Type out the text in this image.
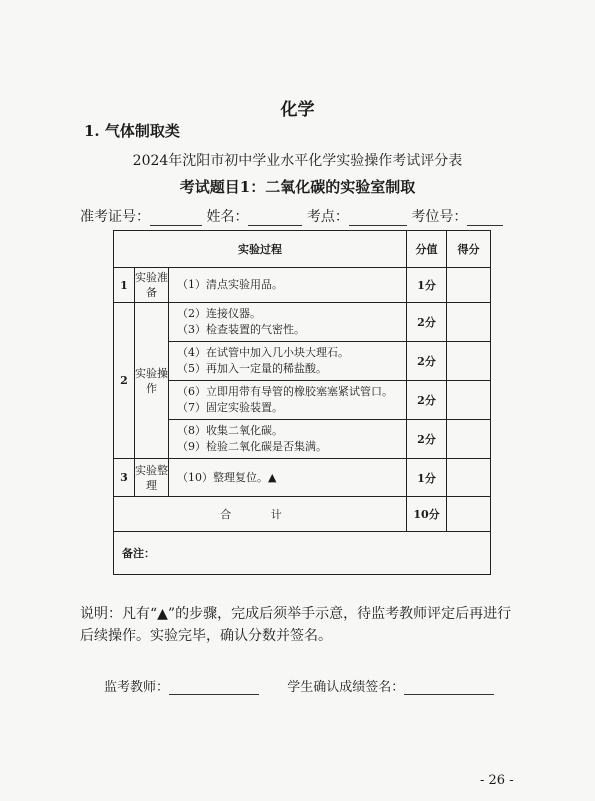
化学
1. 气体制取类
2024年沈阳市初中学业水平化学实验操作考试评分表
考试题目1：二氧化碳的实验室制取
准考证号：	姓名：	考点：	考位号：
实验过程			分值	得分
1	实验准备	（1）清点实验用品。	1分	
2	实验操作	（2）连接仪器。
（3）检查装置的气密性。	2分	

		（4）在试管中加入几小块大理石。
（5）再加入一定量的稀盐酸。	2分	

		（6）立即用带有导管的橡胶塞塞紧试管口。
（7）固定实验装置。	2分	

		（8）收集二氧化碳。
（9）检验二氧化碳是否集满。	2分	
3	实验整理	（10）整理复位。▲	1分	
合 计			10分	
备注：				
说明：凡有“▲”的步骤，完成后须举手示意，待监考教师评定后再进行后续操作。实验完毕，确认分数并签名。
监考教师：	学生确认成绩签名：
- 26 -
